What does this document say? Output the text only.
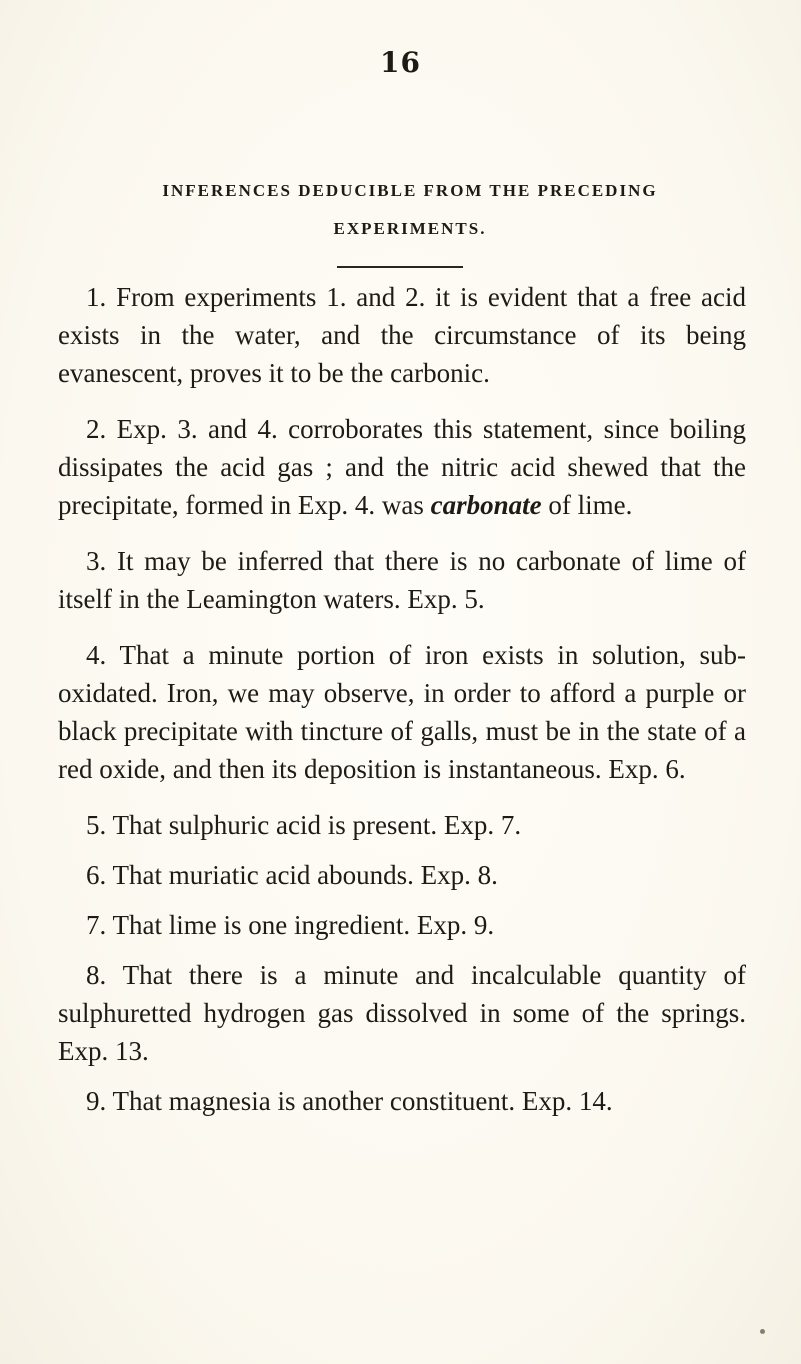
16
INFERENCES DEDUCIBLE FROM THE PRECEDING
EXPERIMENTS.

1. From experiments 1. and 2. it is evident that a free acid exists in the water, and the circumstance of its being evanescent, proves it to be the carbonic.

2. Exp. 3. and 4. corroborates this statement, since boiling dissipates the acid gas ; and the nitric acid shewed that the precipitate, formed in Exp. 4. was carbonate of lime.

3. It may be inferred that there is no carbonate of lime of itself in the Leamington waters. Exp. 5.

4. That a minute portion of iron exists in solution, sub-oxidated. Iron, we may observe, in order to afford a purple or black precipitate with tincture of galls, must be in the state of a red oxide, and then its deposition is instantaneous. Exp. 6.

5. That sulphuric acid is present. Exp. 7.

6. That muriatic acid abounds. Exp. 8.

7. That lime is one ingredient. Exp. 9.

8. That there is a minute and incalculable quantity of sulphuretted hydrogen gas dissolved in some of the springs. Exp. 13.

9. That magnesia is another constituent. Exp. 14.
